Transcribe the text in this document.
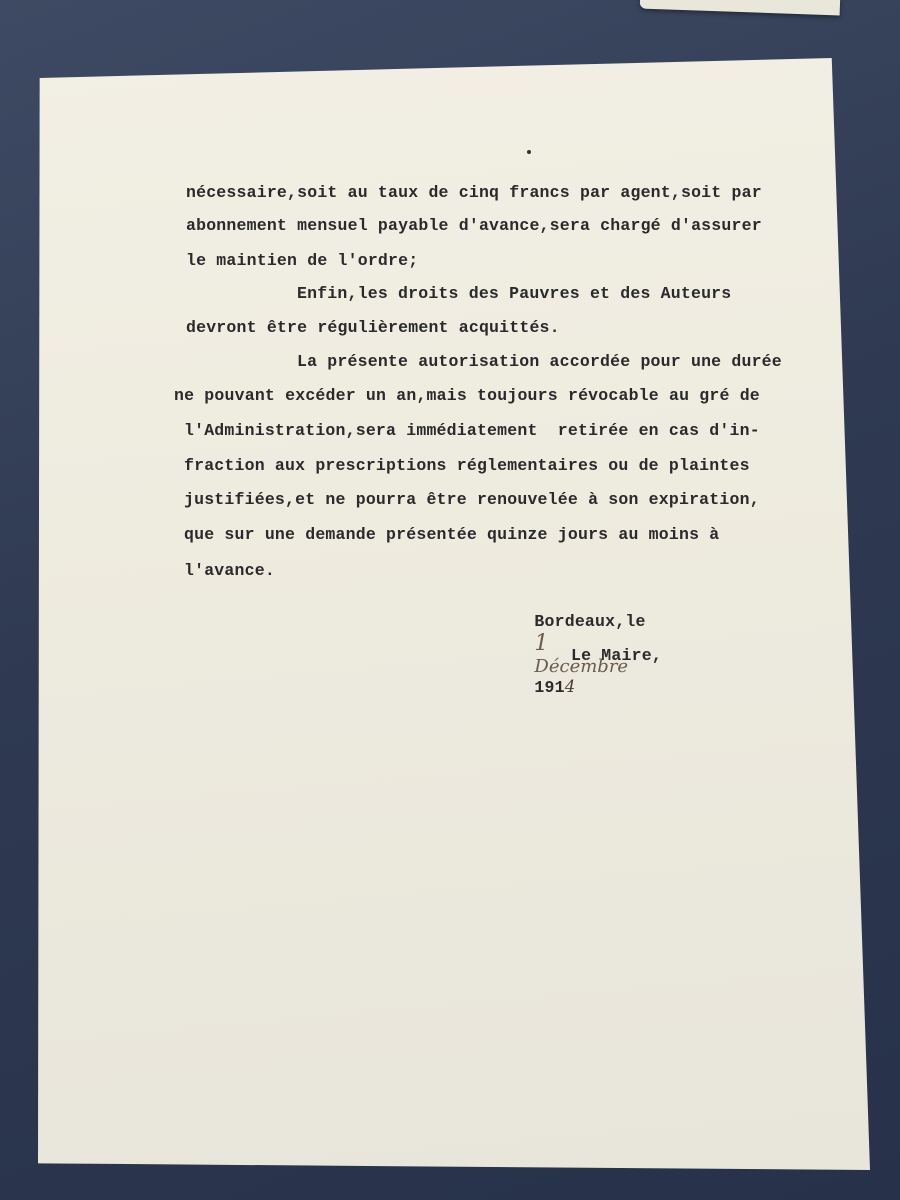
nécessaire,soit au taux de cinq francs par agent,soit par
abonnement mensuel payable d'avance,sera chargé d'assurer
le maintien de l'ordre;
Enfin,les droits des Pauvres et des Auteurs
devront être régulièrement acquittés.
La présente autorisation accordée pour une durée
ne pouvant excéder un an,mais toujours révocable au gré de
l'Administration,sera immédiatement  retirée en cas d'in-
fraction aux prescriptions réglementaires ou de plaintes
justifiées,et ne pourra être renouvelée à son expiration,
que sur une demande présentée quinze jours au moins à
l'avance.

Bordeaux,le
1
Décembre
1914

Le Maire,
